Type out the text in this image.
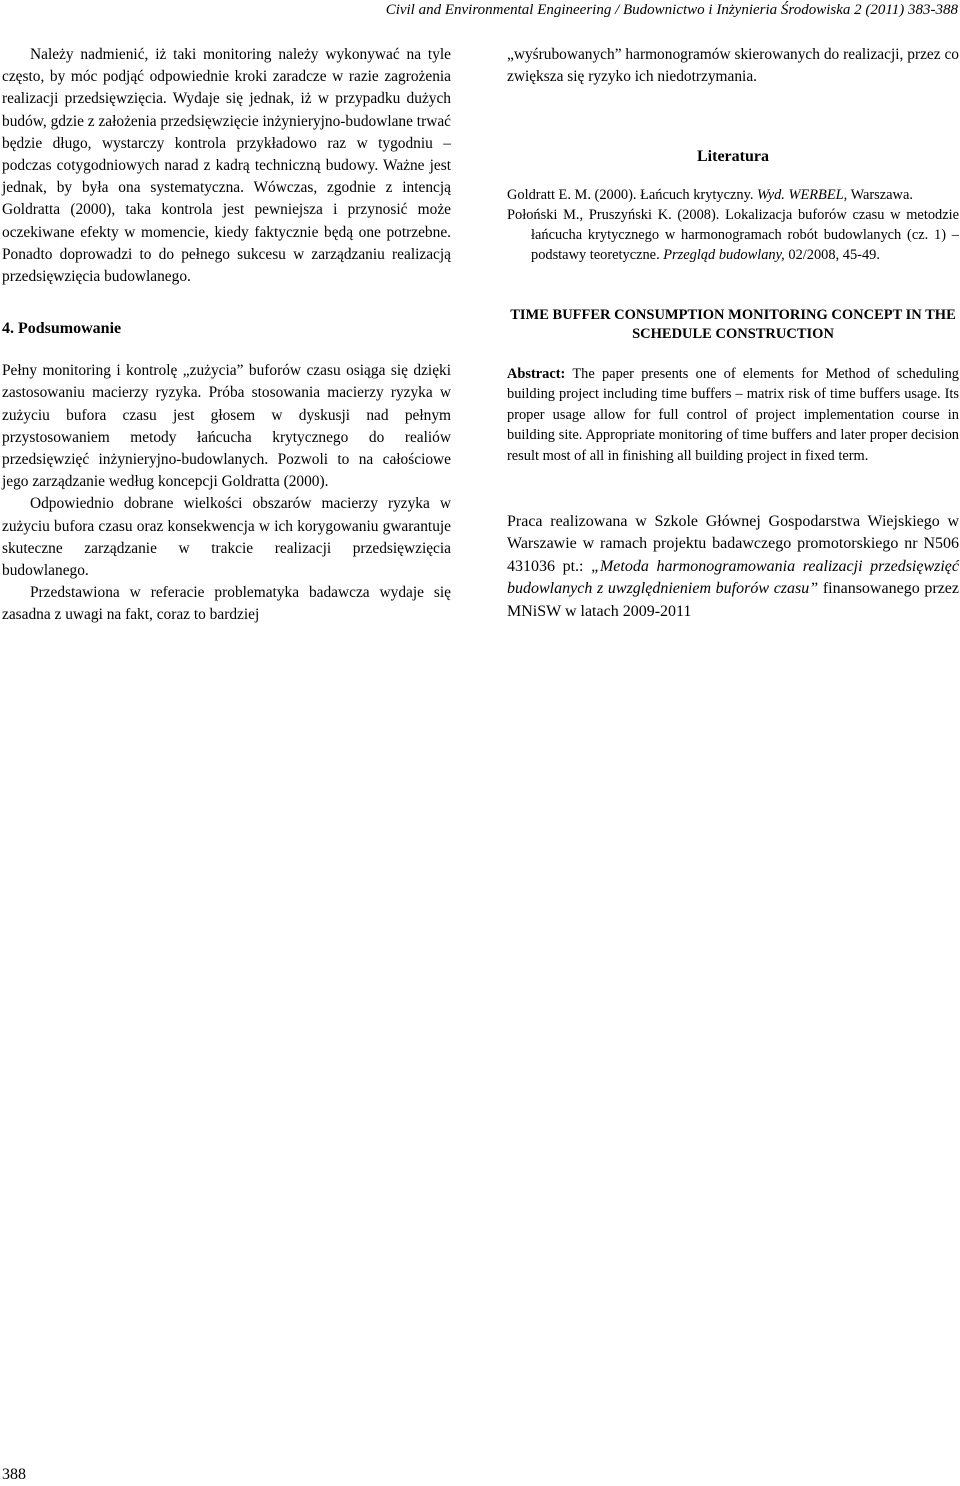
Civil and Environmental Engineering / Budownictwo i Inżynieria Środowiska 2 (2011) 383-388

Należy nadmienić, iż taki monitoring należy wykonywać na tyle często, by móc podjąć odpowiednie kroki zaradcze w razie zagrożenia realizacji przedsięwzięcia. Wydaje się jednak, iż w przypadku dużych budów, gdzie z założenia przedsięwzięcie inżynieryjno-budowlane trwać będzie długo, wystarczy kontrola przykładowo raz w tygodniu – podczas cotygodniowych narad z kadrą techniczną budowy. Ważne jest jednak, by była ona systematyczna. Wówczas, zgodnie z intencją Goldratta (2000), taka kontrola jest pewniejsza i przynosić może oczekiwane efekty w momencie, kiedy faktycznie będą one potrzebne. Ponadto doprowadzi to do pełnego sukcesu w zarządzaniu realizacją przedsięwzięcia budowlanego.

4. Podsumowanie

Pełny monitoring i kontrolę „zużycia” buforów czasu osiąga się dzięki zastosowaniu macierzy ryzyka. Próba stosowania macierzy ryzyka w zużyciu bufora czasu jest głosem w dyskusji nad pełnym przystosowaniem metody łańcucha krytycznego do realiów przedsięwzięć inżynieryjno-budowlanych. Pozwoli to na całościowe jego zarządzanie według koncepcji Goldratta (2000).

Odpowiednio dobrane wielkości obszarów macierzy ryzyka w zużyciu bufora czasu oraz konsekwencja w ich korygowaniu gwarantuje skuteczne zarządzanie w trakcie realizacji przedsięwzięcia budowlanego.

Przedstawiona w referacie problematyka badawcza wydaje się zasadna z uwagi na fakt, coraz to bardziej

„wyśrubowanych” harmonogramów skierowanych do realizacji, przez co zwiększa się ryzyko ich niedotrzymania.

Literatura

Goldratt E. M. (2000). Łańcuch krytyczny. Wyd. WERBEL, Warszawa.

Połoński M., Pruszyński K. (2008). Lokalizacja buforów czasu w metodzie łańcucha krytycznego w harmonogramach robót budowlanych (cz. 1) – podstawy teoretyczne. Przegląd budowlany, 02/2008, 45-49.

TIME BUFFER CONSUMPTION MONITORING CONCEPT IN THE SCHEDULE CONSTRUCTION

Abstract: The paper presents one of elements for Method of scheduling building project including time buffers – matrix risk of time buffers usage. Its proper usage allow for full control of project implementation course in building site. Appropriate monitoring of time buffers and later proper decision result most of all in finishing all building project in fixed term.

Praca realizowana w Szkole Głównej Gospodarstwa Wiejskiego w Warszawie w ramach projektu badawczego promotorskiego nr N506 431036 pt.: „Metoda harmonogramowania realizacji przedsięwzięć budowlanych z uwzględnieniem buforów czasu” finansowanego przez MNiSW w latach 2009-2011

388
